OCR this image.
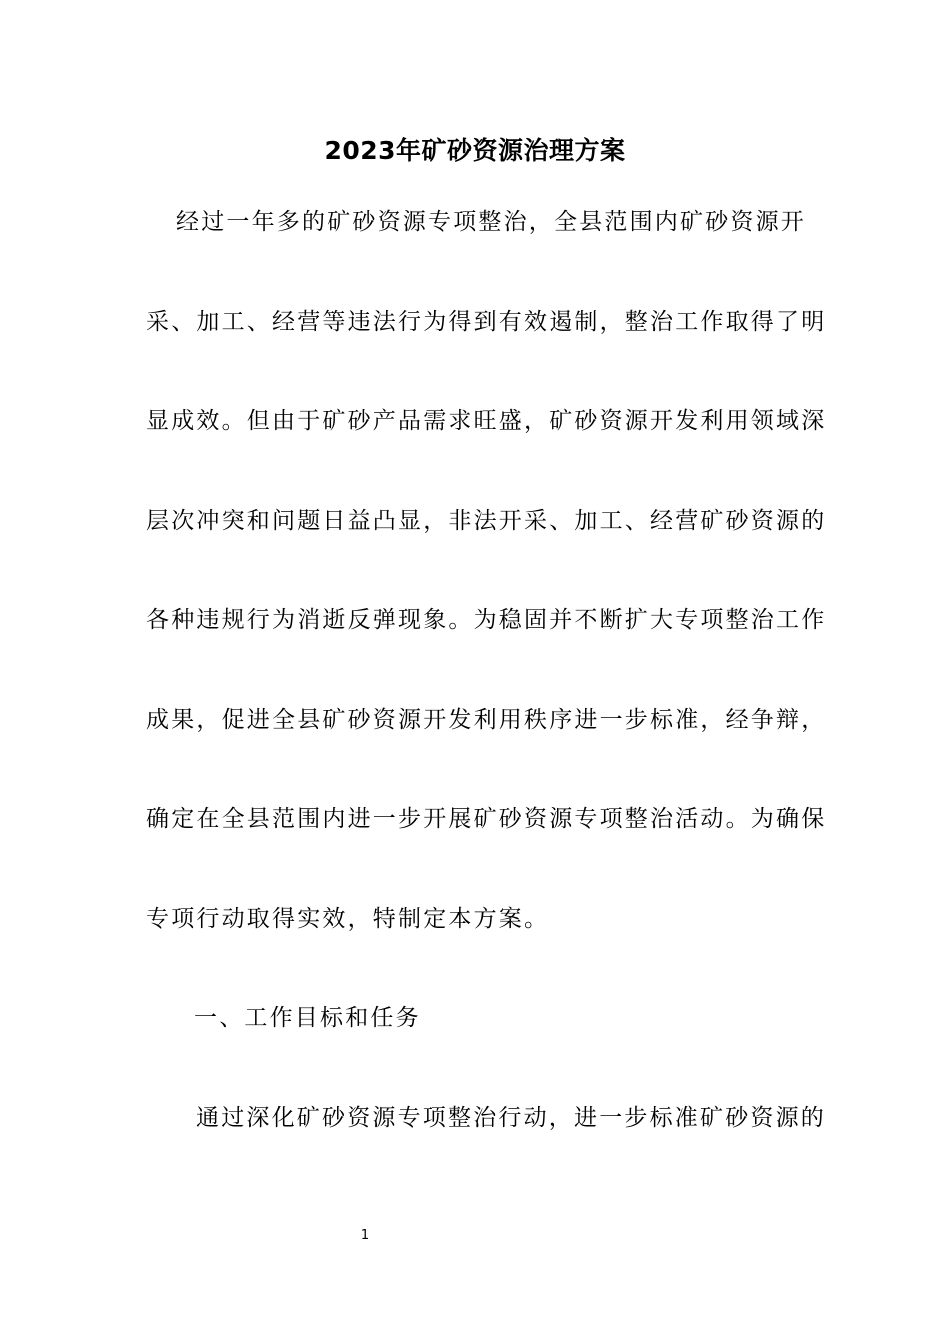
2023年矿砂资源治理方案

经过一年多的矿砂资源专项整治，全县范围内矿砂资源开

采、加工、经营等违法行为得到有效遏制，整治工作取得了明

显成效。但由于矿砂产品需求旺盛，矿砂资源开发利用领域深

层次冲突和问题日益凸显，非法开采、加工、经营矿砂资源的

各种违规行为消逝反弹现象。为稳固并不断扩大专项整治工作

成果，促进全县矿砂资源开发利用秩序进一步标准，经争辩，

确定在全县范围内进一步开展矿砂资源专项整治活动。为确保

专项行动取得实效，特制定本方案。

一、工作目标和任务

通过深化矿砂资源专项整治行动，进一步标准矿砂资源的

1
